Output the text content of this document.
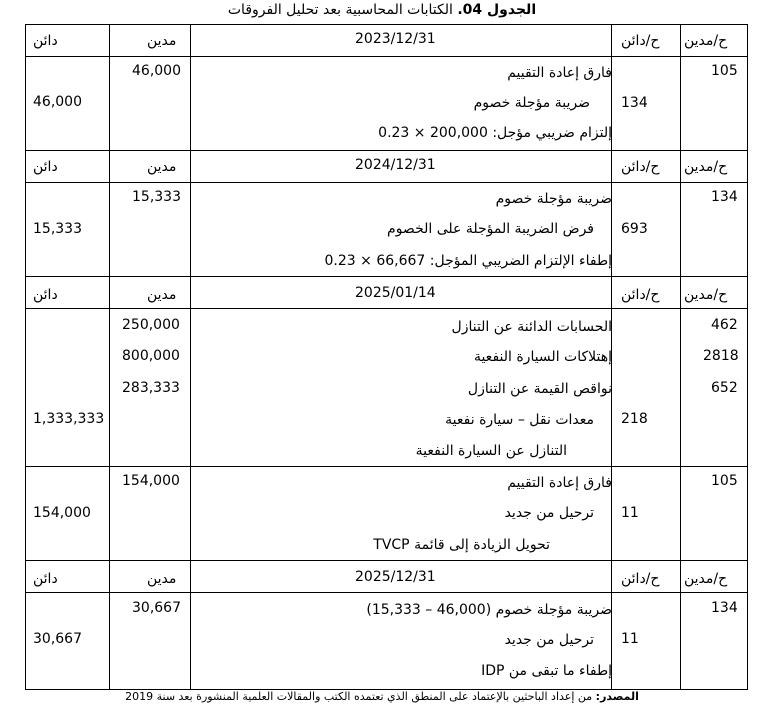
الجدول 04. الكتابات المحاسبية بعد تحليل الفروقات
ح/مدين
ح/دائن
2023/12/31
مدين
دائن
105
134
فارق إعادة التقييم
ضريبة مؤجلة خصوم
إلتزام ضريبي مؤجل: 200,000 × 0.23
46,000
46,000
ح/مدين
ح/دائن
2024/12/31
مدين
دائن
134
693
ضريبة مؤجلة خصوم
فرض الضريبة المؤجلة على الخصوم
إطفاء الإلتزام الضريبي المؤجل: 66,667 × 0.23
15,333
15,333
ح/مدين
ح/دائن
2025/01/14
مدين
دائن
462
2818
652
218
الحسابات الدائنة عن التنازل
إهتلاكات السيارة النفعية
نواقص القيمة عن التنازل
معدات نقل – سيارة نفعية
التنازل عن السيارة النفعية
250,000
800,000
283,333
1,333,333
105
11
فارق إعادة التقييم
ترحيل من جديد
تحويل الزيادة إلى قائمة TVCP
154,000
154,000
ح/مدين
ح/دائن
2025/12/31
مدين
دائن
134
11
ضريبة مؤجلة خصوم (46,000 – 15,333)
ترحيل من جديد
إطفاء ما تبقى من IDP
30,667
30,667
المصدر: من إعداد الباحثين بالإعتماد على المنطق الذي تعتمده الكتب والمقالات العلمية المنشورة بعد سنة 2019
